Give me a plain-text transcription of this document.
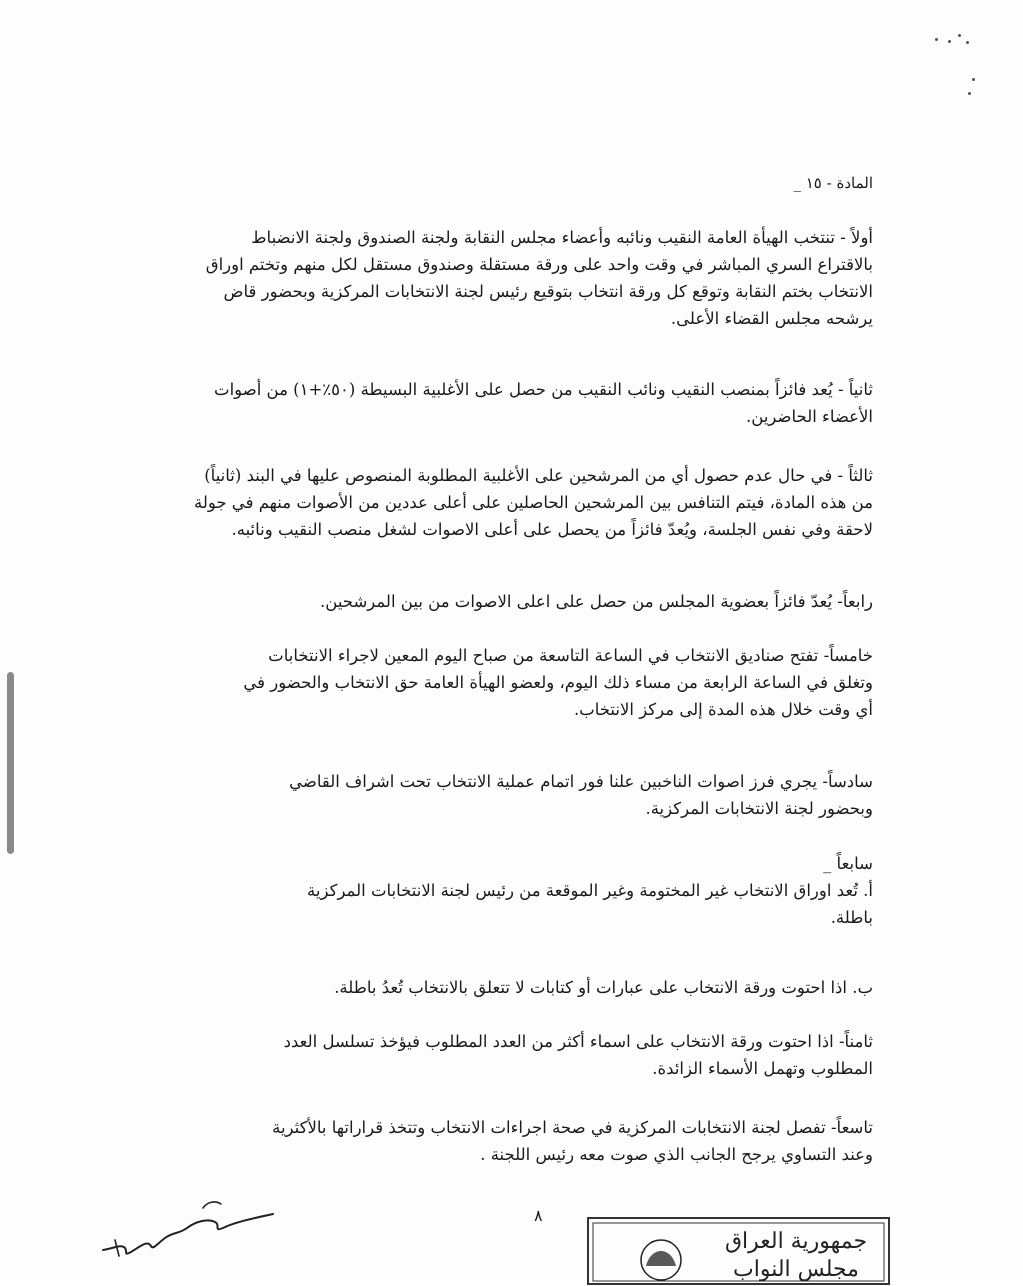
المادة - ١٥ _
أولاً - تنتخب الهيأة العامة النقيب ونائبه وأعضاء مجلس النقابة ولجنة الصندوق ولجنة الانضباط
بالاقتراع السري المباشر في وقت واحد على ورقة مستقلة وصندوق مستقل لكل منهم وتختم اوراق
الانتخاب بختم النقابة وتوقع كل ورقة انتخاب بتوقيع رئيس لجنة الانتخابات المركزية وبحضور قاض
يرشحه مجلس القضاء الأعلى.
ثانياً - يُعد فائزاً بمنصب النقيب ونائب النقيب من حصل على الأغلبية البسيطة (٥٠٪+١) من أصوات
الأعضاء الحاضرين.
ثالثاً - في حال عدم حصول أي من المرشحين على الأغلبية المطلوبة المنصوص عليها في البند (ثانياً)
من هذه المادة، فيتم التنافس بين المرشحين الحاصلين على أعلى عددين من الأصوات منهم في جولة
لاحقة وفي نفس الجلسة، ويُعدّ فائزاً من يحصل على أعلى الاصوات لشغل منصب النقيب ونائبه.
رابعاً- يُعدّ فائزاً بعضوية المجلس من حصل على اعلى الاصوات من بين المرشحين.
خامساً- تفتح صناديق الانتخاب في الساعة التاسعة من صباح اليوم المعين لاجراء الانتخابات
وتغلق في الساعة الرابعة من مساء ذلك اليوم، ولعضو الهيأة العامة حق الانتخاب والحضور في
أي وقت خلال هذه المدة إلى مركز الانتخاب.
سادساً- يجري فرز اصوات الناخبين علنا فور اتمام عملية الانتخاب تحت اشراف القاضي
وبحضور لجنة الانتخابات المركزية.
سابعاً _
أ. تُعد اوراق الانتخاب غير المختومة وغير الموقعة من رئيس لجنة الانتخابات المركزية
باطلة.
ب. اذا احتوت ورقة الانتخاب على عبارات أو كتابات لا تتعلق بالانتخاب تُعدُ باطلة.
ثامناً- اذا احتوت ورقة الانتخاب على اسماء أكثر من العدد المطلوب فيؤخذ تسلسل العدد
المطلوب وتهمل الأسماء الزائدة.
تاسعاً- تفصل لجنة الانتخابات المركزية في صحة اجراءات الانتخاب وتتخذ قراراتها بالأكثرية
وعند التساوي يرجح الجانب الذي صوت معه رئيس اللجنة .
٨
جمهورية العراق
مجلس النواب
